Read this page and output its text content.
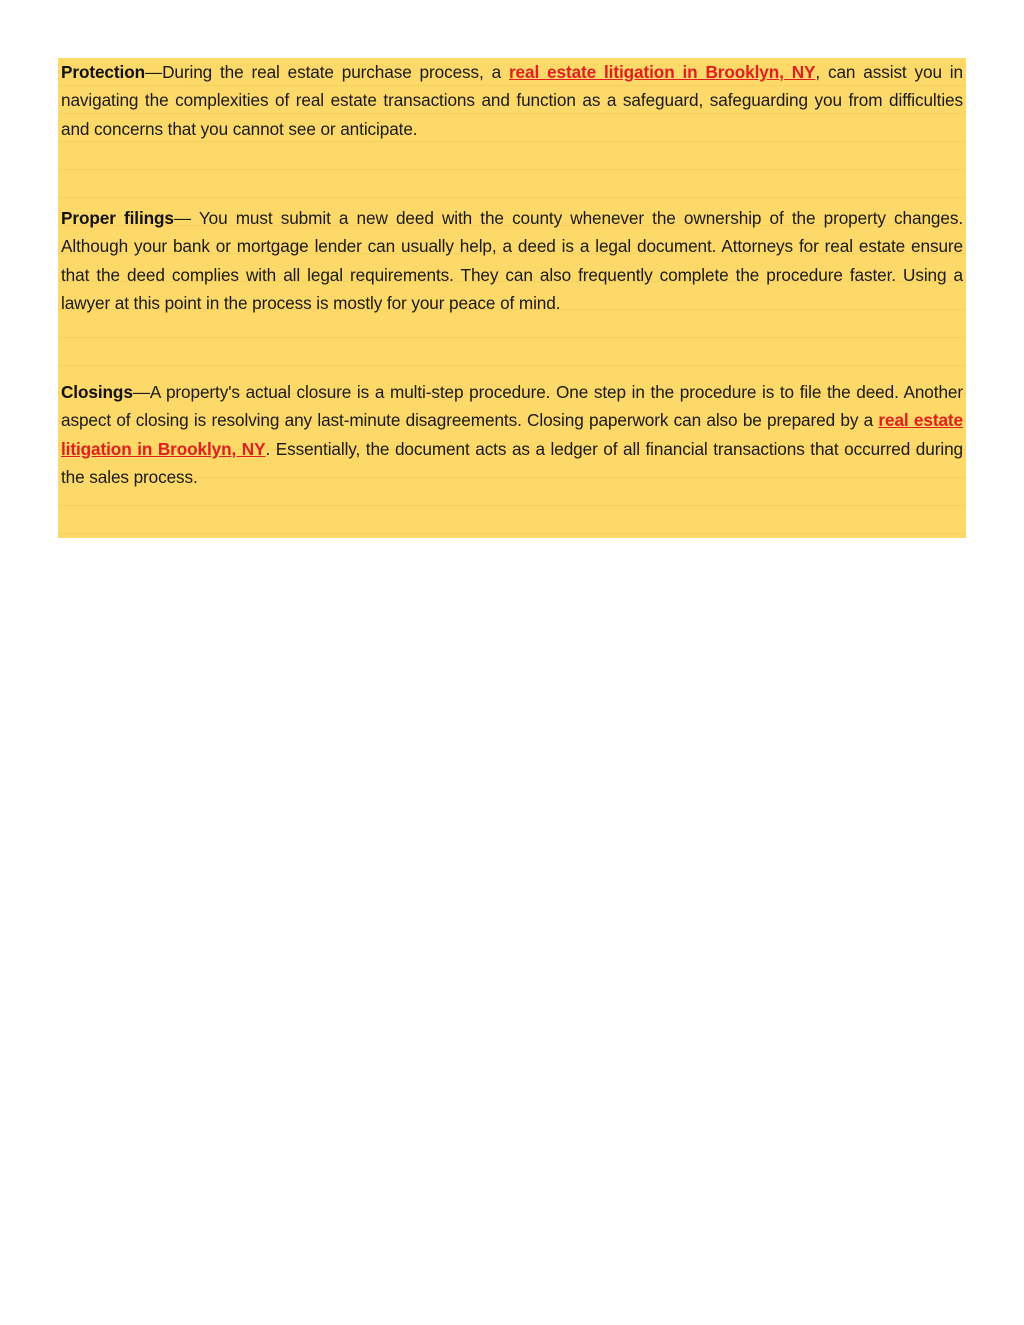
Protection—During the real estate purchase process, a real estate litigation in Brooklyn, NY, can assist you in navigating the complexities of real estate transactions and function as a safeguard, safeguarding you from difficulties and concerns that you cannot see or anticipate.

Proper filings— You must submit a new deed with the county whenever the ownership of the property changes. Although your bank or mortgage lender can usually help, a deed is a legal document. Attorneys for real estate ensure that the deed complies with all legal requirements. They can also frequently complete the procedure faster. Using a lawyer at this point in the process is mostly for your peace of mind.

Closings—A property's actual closure is a multi-step procedure. One step in the procedure is to file the deed. Another aspect of closing is resolving any last-minute disagreements. Closing paperwork can also be prepared by a real estate litigation in Brooklyn, NY. Essentially, the document acts as a ledger of all financial transactions that occurred during the sales process.
